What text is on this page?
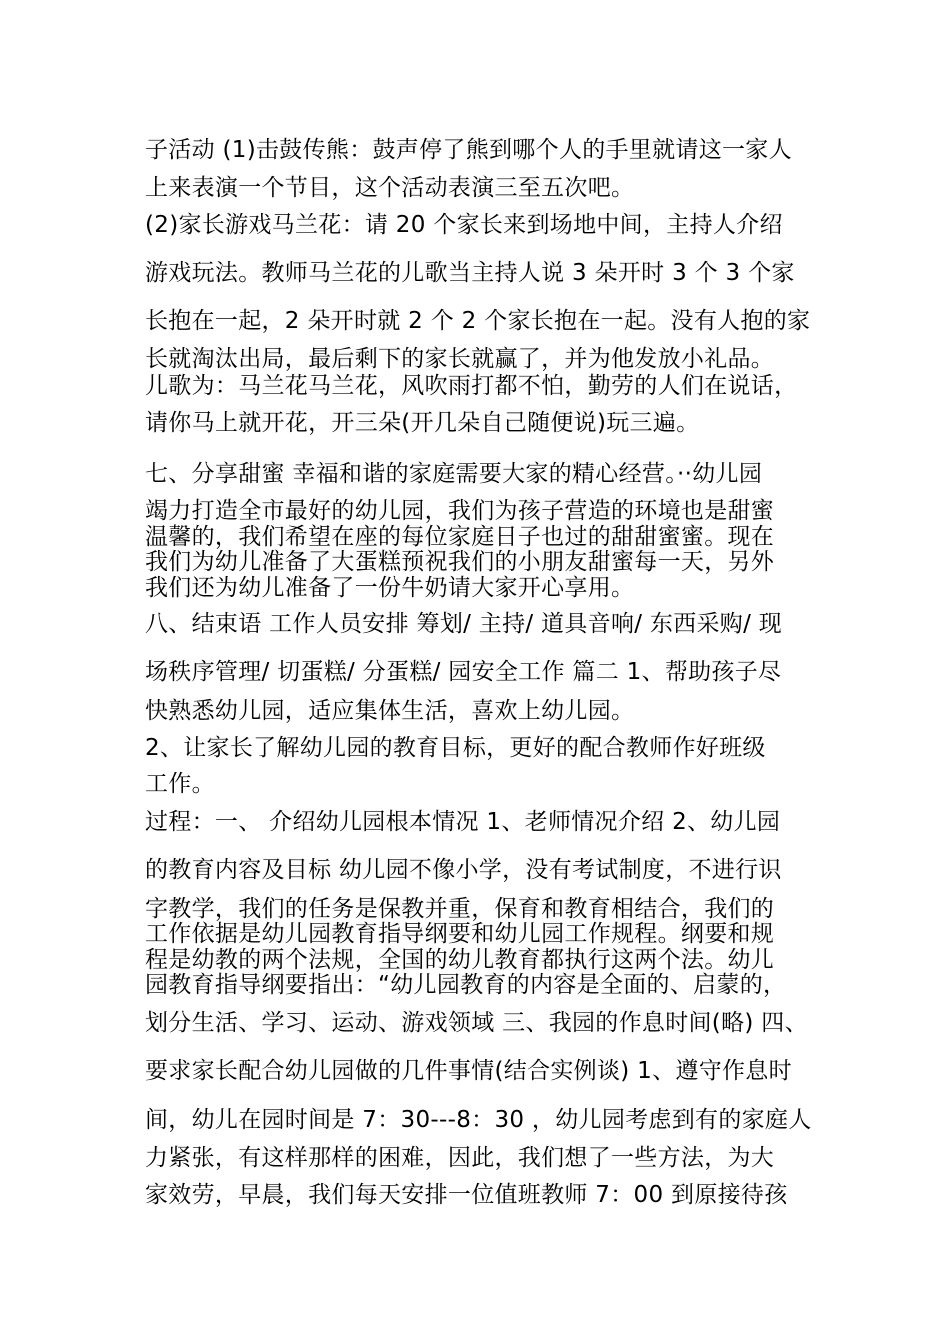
子活动 (1)击鼓传熊：鼓声停了熊到哪个人的手里就请这一家人

上来表演一个节目，这个活动表演三至五次吧。

(2)家长游戏马兰花：请 20 个家长来到场地中间，主持人介绍

游戏玩法。教师马兰花的儿歌当主持人说 3 朵开时 3 个 3 个家

长抱在一起，2 朵开时就 2 个 2 个家长抱在一起。没有人抱的家

长就淘汰出局，最后剩下的家长就赢了，并为他发放小礼品。

儿歌为：马兰花马兰花，风吹雨打都不怕，勤劳的人们在说话，

请你马上就开花，开三朵(开几朵自己随便说)玩三遍。

七、分享甜蜜 幸福和谐的家庭需要大家的精心经营。··幼儿园

竭力打造全市最好的幼儿园，我们为孩子营造的环境也是甜蜜

温馨的，我们希望在座的每位家庭日子也过的甜甜蜜蜜。现在

我们为幼儿准备了大蛋糕预祝我们的小朋友甜蜜每一天，另外

我们还为幼儿准备了一份牛奶请大家开心享用。

八、结束语 工作人员安排 筹划/ 主持/ 道具音响/ 东西采购/ 现

场秩序管理/ 切蛋糕/ 分蛋糕/ 园安全工作 篇二 1、帮助孩子尽

快熟悉幼儿园，适应集体生活，喜欢上幼儿园。

2、让家长了解幼儿园的教育目标，更好的配合教师作好班级

工作。

过程：一、 介绍幼儿园根本情况 1、老师情况介绍 2、幼儿园

的教育内容及目标 幼儿园不像小学，没有考试制度，不进行识

字教学，我们的任务是保教并重，保育和教育相结合，我们的

工作依据是幼儿园教育指导纲要和幼儿园工作规程。纲要和规

程是幼教的两个法规，全国的幼儿教育都执行这两个法。幼儿

园教育指导纲要指出：“幼儿园教育的内容是全面的、启蒙的，

划分生活、学习、运动、游戏领域 三、我园的作息时间(略) 四、

要求家长配合幼儿园做的几件事情(结合实例谈) 1、遵守作息时

间，幼儿在园时间是 7：30---8：30 ，幼儿园考虑到有的家庭人

力紧张，有这样那样的困难，因此，我们想了一些方法，为大

家效劳，早晨，我们每天安排一位值班教师 7：00 到原接待孩
